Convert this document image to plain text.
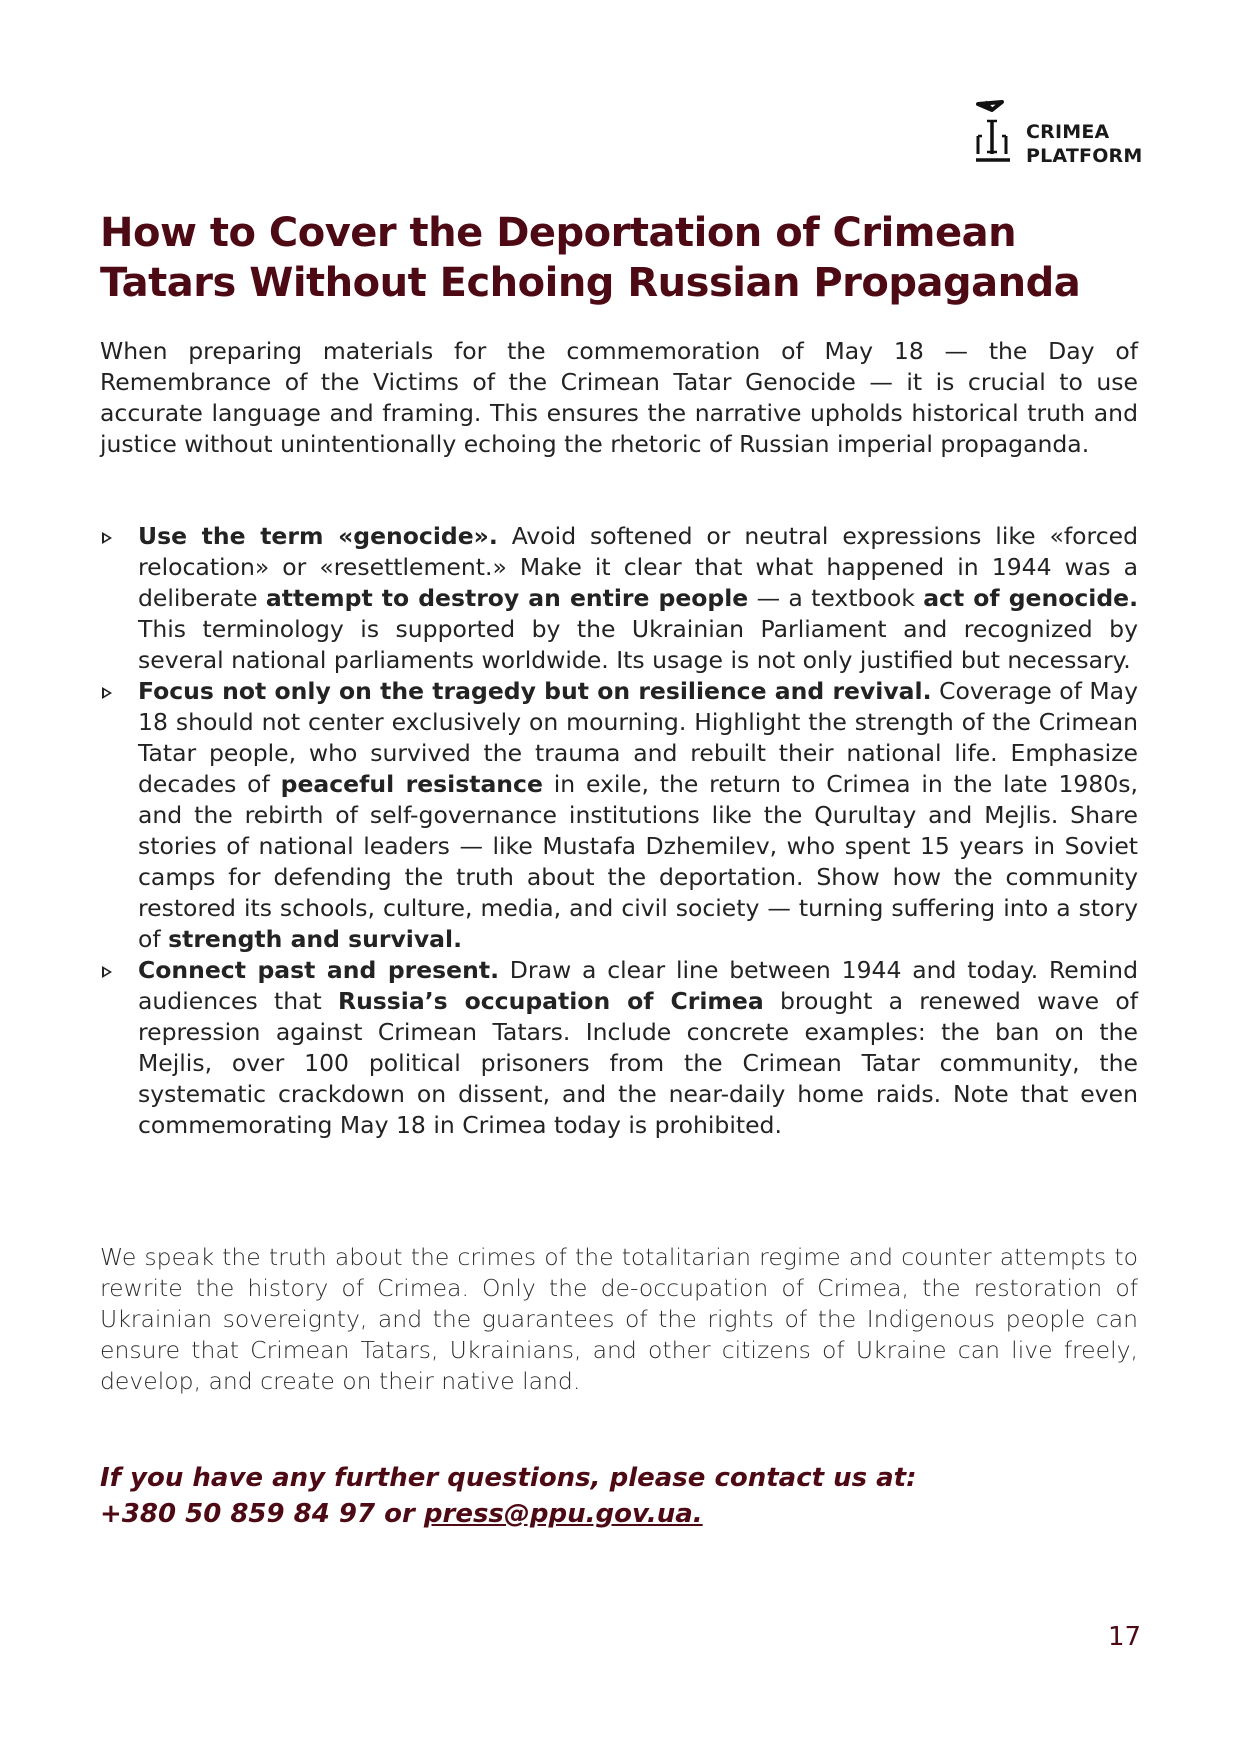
CRIMEA
PLATFORM
How to Cover the Deportation of Crimean Tatars Without Echoing Russian Propaganda

When preparing materials for the commemoration of May 18 — the Day of Remembrance of the Victims of the Crimean Tatar Genocide — it is crucial to use accurate language and framing. This ensures the narrative upholds historical truth and justice without unintentionally echoing the rhetoric of Russian imperial propaganda.

Use the term «genocide». Avoid softened or neutral expressions like «forced relocation» or «resettlement.» Make it clear that what happened in 1944 was a deliberate attempt to destroy an entire people — a textbook act of genocide. This terminology is supported by the Ukrainian Parliament and recognized by several national parliaments worldwide. Its usage is not only justified but necessary.
Focus not only on the tragedy but on resilience and revival. Coverage of May 18 should not center exclusively on mourning. Highlight the strength of the Crimean Tatar people, who survived the trauma and rebuilt their national life. Emphasize decades of peaceful resistance in exile, the return to Crimea in the late 1980s, and the rebirth of self-governance institutions like the Qurultay and Mejlis. Share stories of national leaders — like Mustafa Dzhemilev, who spent 15 years in Soviet camps for defending the truth about the deportation. Show how the community restored its schools, culture, media, and civil society — turning suffering into a story of strength and survival.
Connect past and present. Draw a clear line between 1944 and today. Remind audiences that Russia’s occupation of Crimea brought a renewed wave of repression against Crimean Tatars. Include concrete examples: the ban on the Mejlis, over 100 political prisoners from the Crimean Tatar community, the systematic crackdown on dissent, and the near-daily home raids. Note that even commemorating May 18 in Crimea today is prohibited.

We speak the truth about the crimes of the totalitarian regime and counter attempts to rewrite the history of Crimea. Only the de-occupation of Crimea, the restoration of Ukrainian sovereignty, and the guarantees of the rights of the Indigenous people can ensure that Crimean Tatars, Ukrainians, and other citizens of Ukraine can live freely, develop, and create on their native land.

If you have any further questions, please contact us at:
+380 50 859 84 97 or press@ppu.gov.ua.
17
